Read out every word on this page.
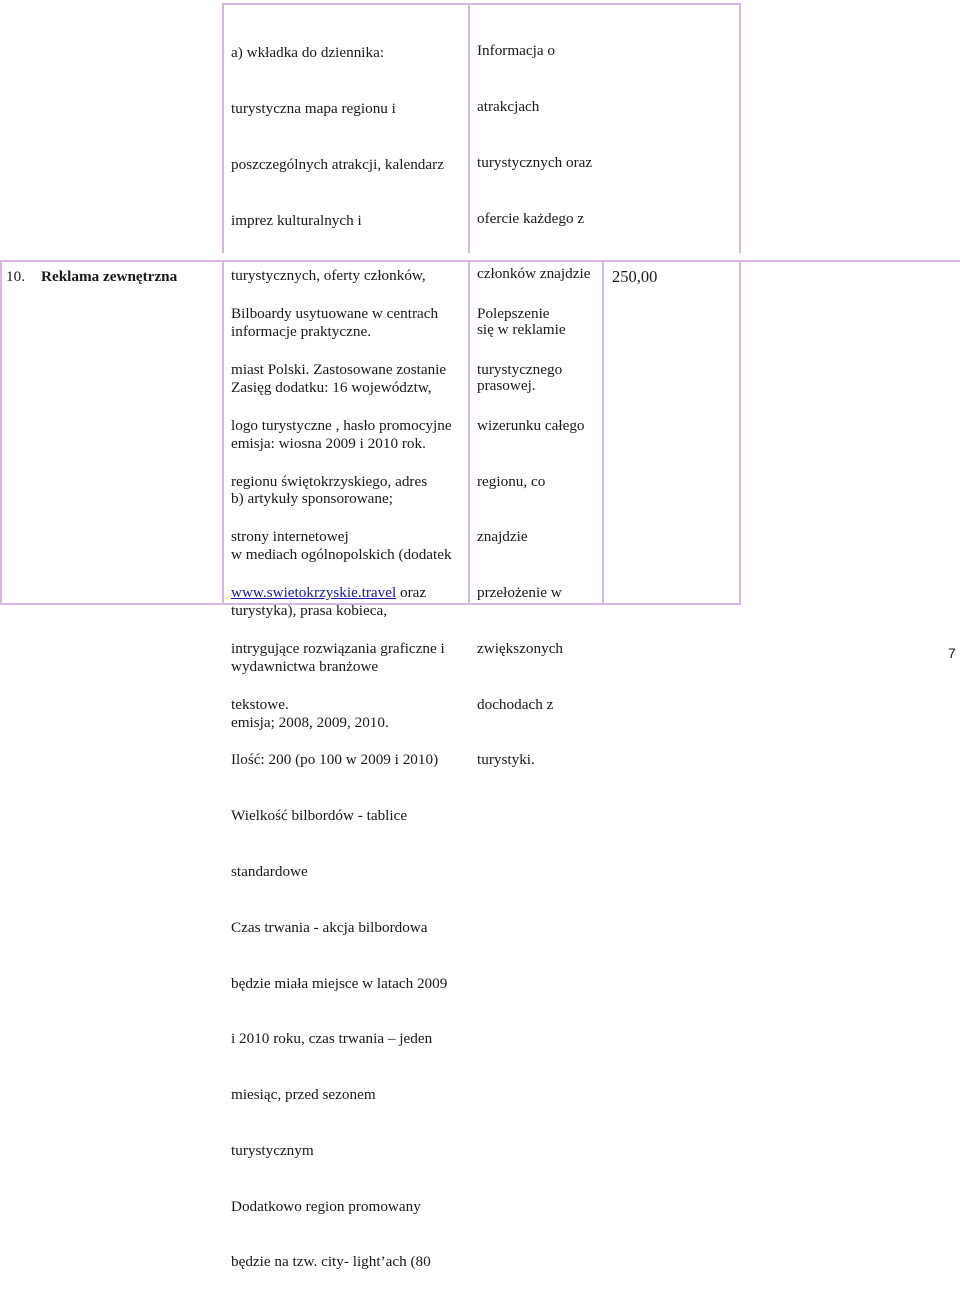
a) wkładka do dziennika:

turystyczna mapa regionu i

poszczególnych atrakcji, kalendarz

imprez kulturalnych i

turystycznych, oferty członków,

informacje praktyczne.

Zasięg dodatku: 16 województw,

emisja: wiosna 2009 i 2010 rok.

b) artykuły sponsorowane;

w mediach ogólnopolskich (dodatek

turystyka), prasa kobieca,

wydawnictwa branżowe

emisja; 2008, 2009, 2010.

Informacja o

atrakcjach

turystycznych oraz

ofercie każdego z

członków znajdzie

się w reklamie

prasowej.

10. Reklama zewnętrzna

Bilboardy usytuowane w centrach

miast Polski. Zastosowane zostanie

logo turystyczne , hasło promocyjne

regionu świętokrzyskiego, adres

strony internetowej

www.swietokrzyskie.travel oraz

intrygujące rozwiązania graficzne i

tekstowe.

Ilość: 200 (po 100 w 2009 i 2010)

Wielkość bilbordów - tablice

standardowe

Czas trwania - akcja bilbordowa

będzie miała miejsce w latach 2009

i 2010 roku, czas trwania – jeden

miesiąc, przed sezonem

turystycznym

Dodatkowo region promowany

będzie na tzw. city- light’ach (80

Polepszenie

turystycznego

wizerunku całego

regionu, co

znajdzie

przełożenie w

zwiększonych

dochodach z

turystyki.

250,00
7
